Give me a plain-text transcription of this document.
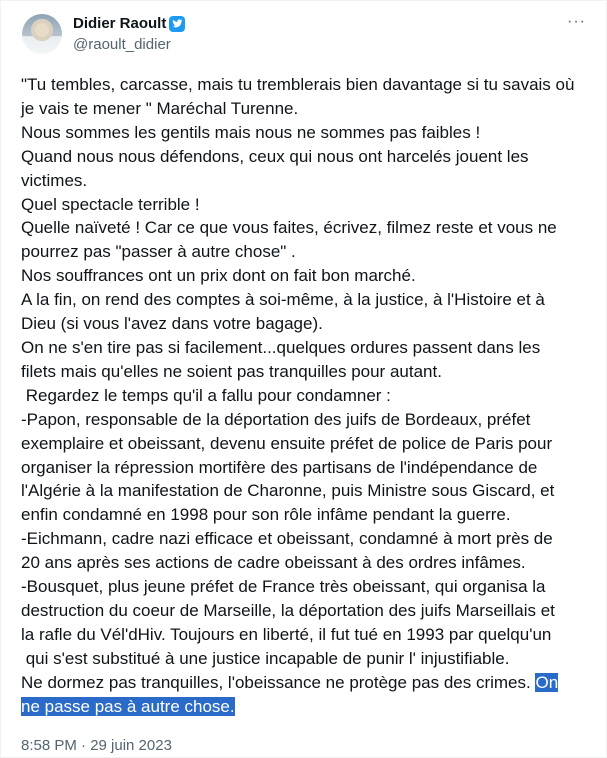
Didier Raoult
@raoult_didier
···
"Tu tembles, carcasse, mais tu tremblerais bien davantage si tu savais où
je vais te mener " Maréchal Turenne.
Nous sommes les gentils mais nous ne sommes pas faibles !
Quand nous nous défendons, ceux qui nous ont harcelés jouent les
victimes.
Quel spectacle terrible !
Quelle naïveté ! Car ce que vous faites, écrivez, filmez reste et vous ne
pourrez pas "passer à autre chose" .
Nos souffrances ont un prix dont on fait bon marché.
A la fin, on rend des comptes à soi-même, à la justice, à l'Histoire et à
Dieu (si vous l'avez dans votre bagage).
On ne s'en tire pas si facilement...quelques ordures passent dans les
filets mais qu'elles ne soient pas tranquilles pour autant.
Regardez le temps qu'il a fallu pour condamner :
-Papon, responsable de la déportation des juifs de Bordeaux, préfet
exemplaire et obeissant, devenu ensuite préfet de police de Paris pour
organiser la répression mortifère des partisans de l'indépendance de
l'Algérie à la manifestation de Charonne, puis Ministre sous Giscard, et
enfin condamné en 1998 pour son rôle infâme pendant la guerre.
-Eichmann, cadre nazi efficace et obeissant, condamné à mort près de
20 ans après ses actions de cadre obeissant à des ordres infâmes.
-Bousquet, plus jeune préfet de France très obeissant, qui organisa la
destruction du coeur de Marseille, la déportation des juifs Marseillais et
la rafle du Vél'dHiv. Toujours en liberté, il fut tué en 1993 par quelqu'un
qui s'est substitué à une justice incapable de punir l' injustifiable.
Ne dormez pas tranquilles, l'obeissance ne protège pas des crimes. On
ne passe pas à autre chose.
8:58 PM · 29 juin 2023
